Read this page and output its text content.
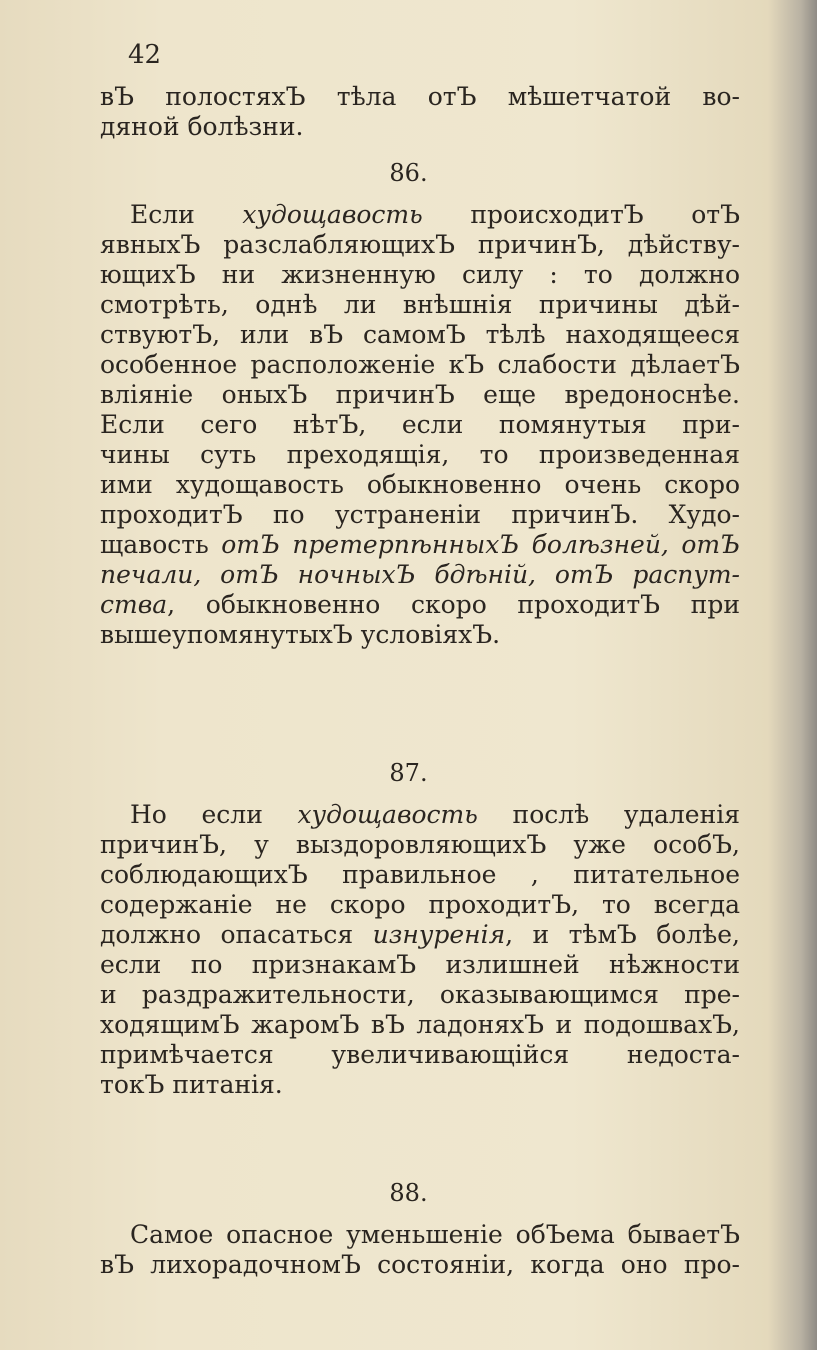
42
вЪ полостяхЪ тѣла отЪ мѣшетчатой во-
дяной болѣзни.
86.
Если худощавость происходитЪ отЪ
явныхЪ разслабляющихЪ причинЪ, дѣйству-
ющихЪ ни жизненную силу : то должно
смотрѣть, однѣ ли внѣшнія причины дѣй-
ствуютЪ, или вЪ самомЪ тѣлѣ находящееся
особенное расположеніе кЪ слабости дѣлаетЪ
вліяніе оныхЪ причинЪ еще вредоноснѣе.
Если сего нѣтЪ, если помянутыя при-
чины суть преходящія, то произведенная
ими худощавость обыкновенно очень скоро
проходитЪ по устраненіи причинЪ. Худо-
щавость отЪ претерпѣнныхЪ болѣзней, отЪ
печали, отЪ ночныхЪ бдѣній, отЪ распут-
ства, обыкновенно скоро проходитЪ при
вышеупомянутыхЪ условіяхЪ.
87.
Но если худощавость послѣ удаленія
причинЪ, у выздоровляющихЪ уже особЪ,
соблюдающихЪ правильное , питательное
содержаніе не скоро проходитЪ, то всегда
должно опасаться изнуренія, и тѣмЪ болѣе,
если по признакамЪ излишней нѣжности
и раздражительности, оказывающимся пре-
ходящимЪ жаромЪ вЪ ладоняхЪ и подошвахЪ,
примѣчается увеличивающійся недоста-
токЪ питанія.
88.
Самое опасное уменьшеніе обЪема бываетЪ
вЪ лихорадочномЪ состояніи, когда оно про-
